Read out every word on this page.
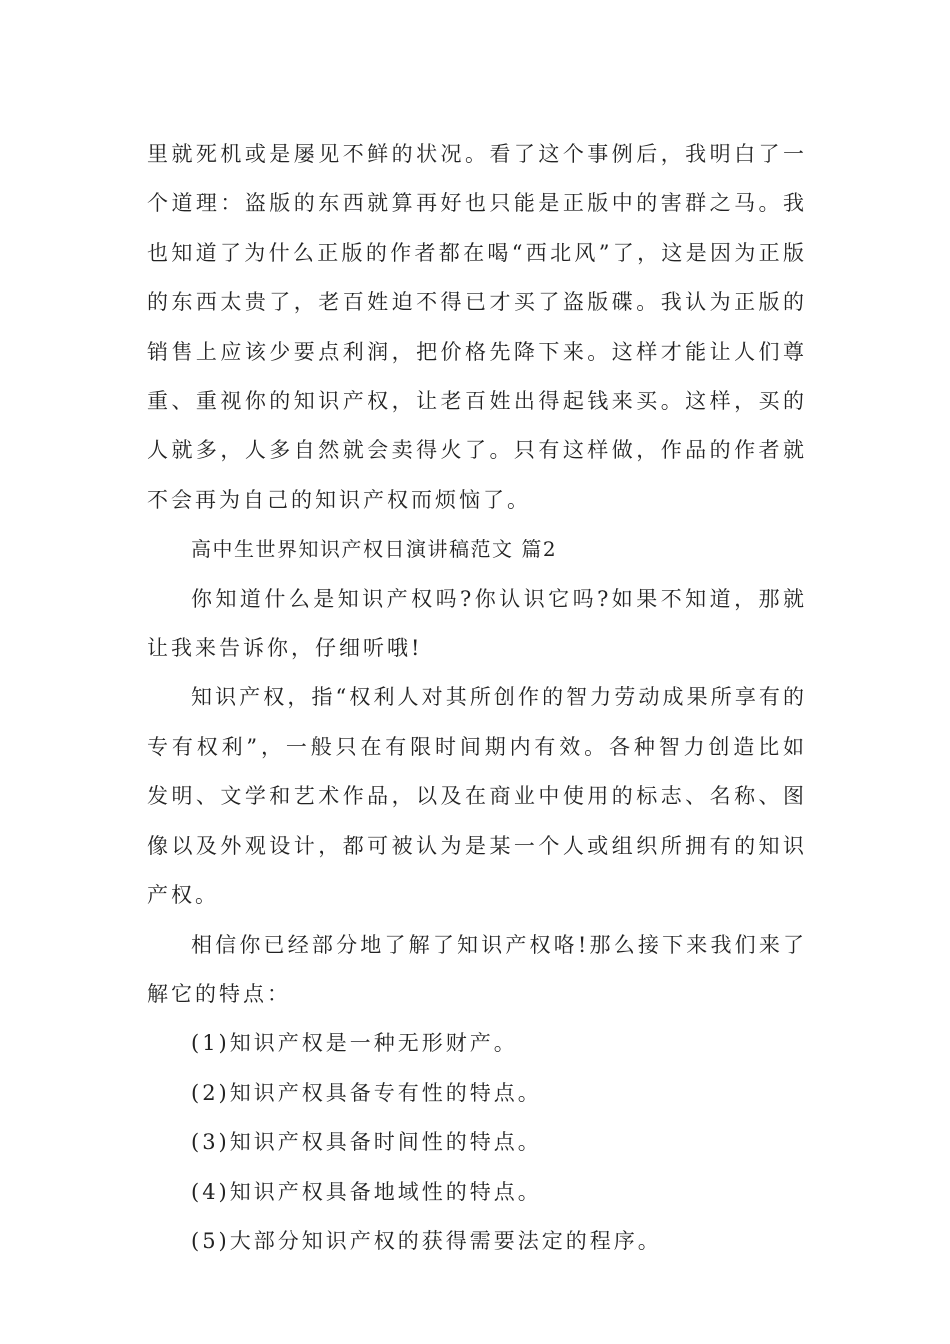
里就死机或是屡见不鲜的状况。看了这个事例后，我明白了一个道理：盗版的东西就算再好也只能是正版中的害群之马。我也知道了为什么正版的作者都在喝“西北风”了，这是因为正版的东西太贵了，老百姓迫不得已才买了盗版碟。我认为正版的销售上应该少要点利润，把价格先降下来。这样才能让人们尊重、重视你的知识产权，让老百姓出得起钱来买。这样，买的人就多，人多自然就会卖得火了。只有这样做，作品的作者就不会再为自己的知识产权而烦恼了。

高中生世界知识产权日演讲稿范文 篇2

你知道什么是知识产权吗?你认识它吗?如果不知道，那就让我来告诉你，仔细听哦!

知识产权，指“权利人对其所创作的智力劳动成果所享有的专有权利”，一般只在有限时间期内有效。各种智力创造比如发明、文学和艺术作品，以及在商业中使用的标志、名称、图像以及外观设计，都可被认为是某一个人或组织所拥有的知识产权。

相信你已经部分地了解了知识产权咯!那么接下来我们来了解它的特点：

(1)知识产权是一种无形财产。

(2)知识产权具备专有性的特点。

(3)知识产权具备时间性的特点。

(4)知识产权具备地域性的特点。

(5)大部分知识产权的获得需要法定的程序。
